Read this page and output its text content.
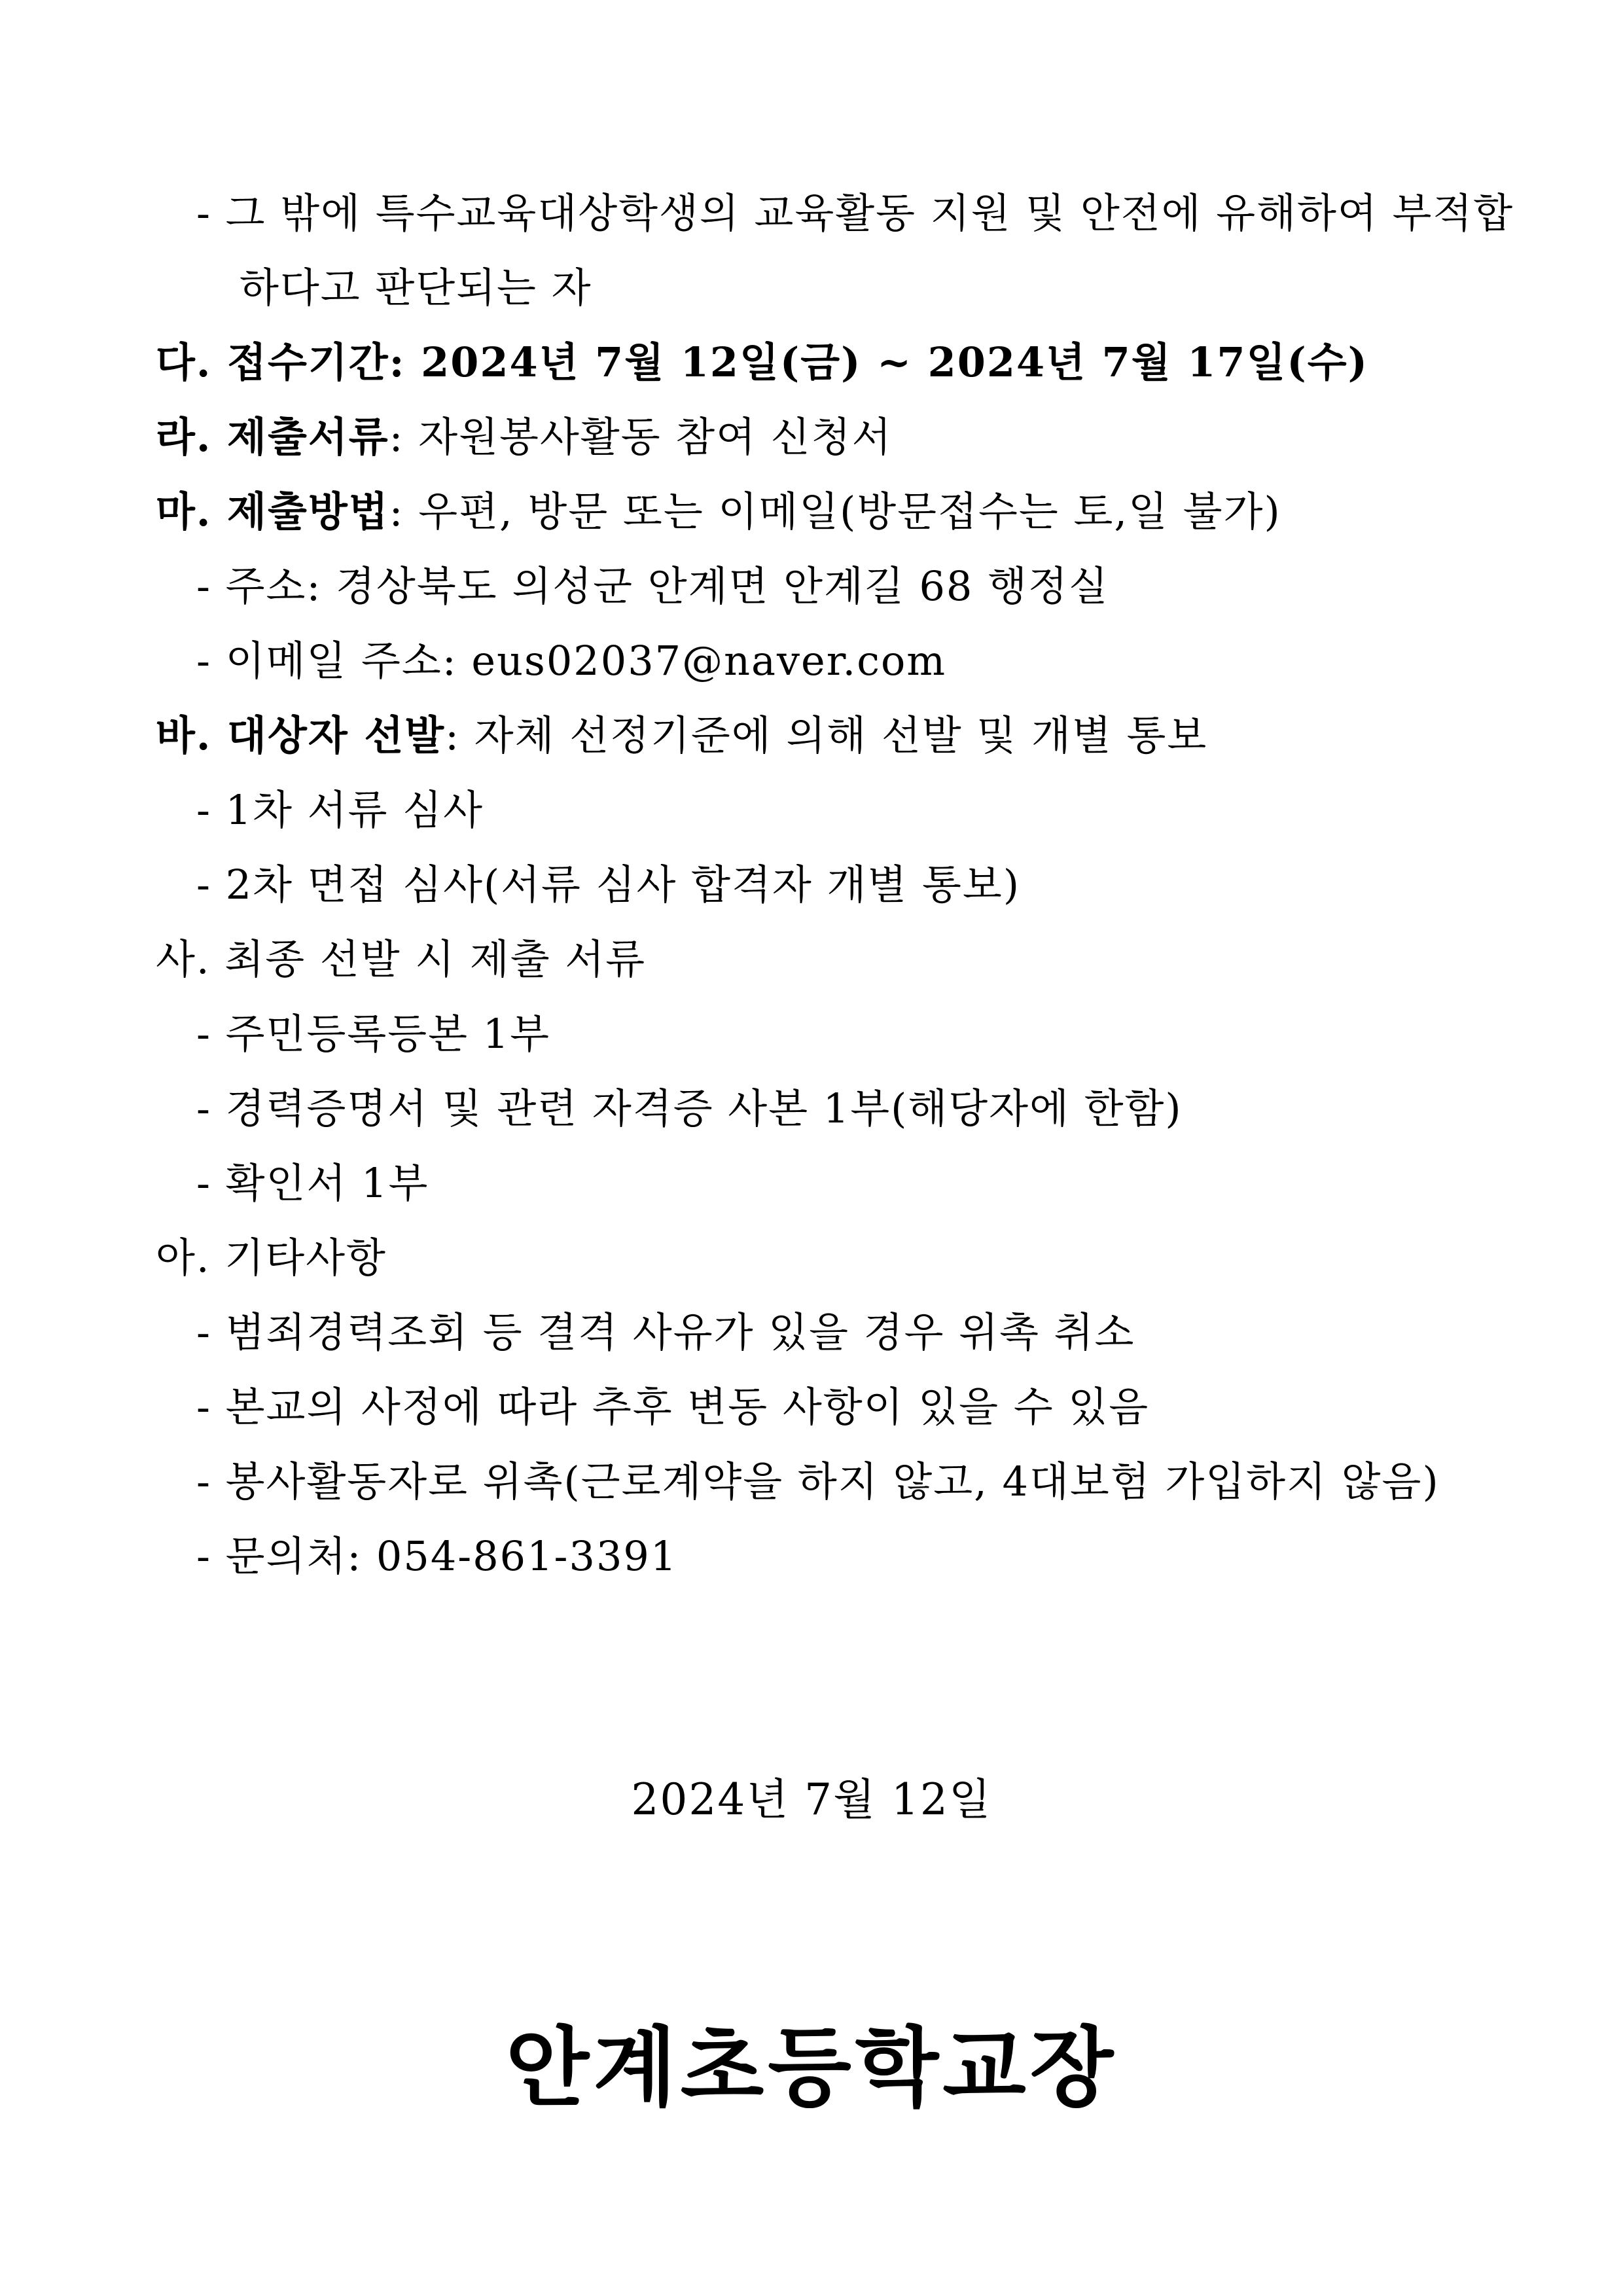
- 그 밖에 특수교육대상학생의 교육활동 지원 및 안전에 유해하여 부적합
하다고 판단되는 자
다. 접수기간: 2024년 7월 12일(금) ~ 2024년 7월 17일(수)
라. 제출서류: 자원봉사활동 참여 신청서
마. 제출방법: 우편, 방문 또는 이메일(방문접수는 토,일 불가)
- 주소: 경상북도 의성군 안계면 안계길 68 행정실
- 이메일 주소: eus02037@naver.com
바. 대상자 선발: 자체 선정기준에 의해 선발 및 개별 통보
- 1차 서류 심사
- 2차 면접 심사(서류 심사 합격자 개별 통보)
사. 최종 선발 시 제출 서류
- 주민등록등본 1부
- 경력증명서 및 관련 자격증 사본 1부(해당자에 한함)
- 확인서 1부
아. 기타사항
- 범죄경력조회 등 결격 사유가 있을 경우 위촉 취소
- 본교의 사정에 따라 추후 변동 사항이 있을 수 있음
- 봉사활동자로 위촉(근로계약을 하지 않고, 4대보험 가입하지 않음)
- 문의처: 054-861-3391
2024년 7월 12일
안계초등학교장
